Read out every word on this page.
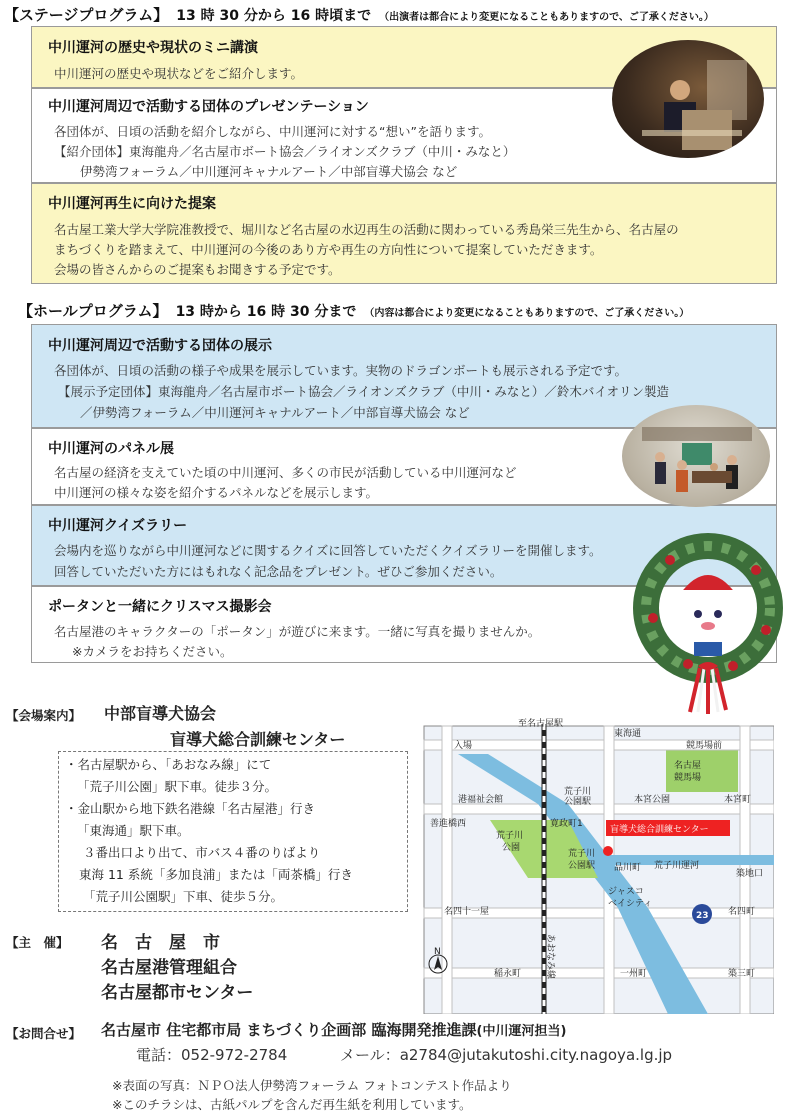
【ステージプログラム】 13 時 30 分から 16 時頃まで （出演者は都合により変更になることもありますので、ご了承ください。）
中川運河の歴史や現状のミニ講演
中川運河の歴史や現状などをご紹介します。
中川運河周辺で活動する団体のプレゼンテーション
各団体が、日頃の活動を紹介しながら、中川運河に対する“想い”を語ります。
【紹介団体】東海龍舟／名古屋市ボート協会／ライオンズクラブ（中川・みなと）
伊勢湾フォーラム／中川運河キャナルアート／中部盲導犬協会 など
中川運河再生に向けた提案
名古屋工業大学大学院准教授で、堀川など名古屋の水辺再生の活動に関わっている秀島栄三先生から、名古屋の
まちづくりを踏まえて、中川運河の今後のあり方や再生の方向性について提案していただきます。
会場の皆さんからのご提案もお聞きする予定です。
【ホールプログラム】 13 時から 16 時 30 分まで （内容は都合により変更になることもありますので、ご了承ください。）
中川運河周辺で活動する団体の展示
各団体が、日頃の活動の様子や成果を展示しています。実物のドラゴンボートも展示される予定です。
【展示予定団体】東海龍舟／名古屋市ボート協会／ライオンズクラブ（中川・みなと）／鈴木バイオリン製造
／伊勢湾フォーラム／中川運河キャナルアート／中部盲導犬協会 など
中川運河のパネル展
名古屋の経済を支えていた頃の中川運河、多くの市民が活動している中川運河など
中川運河の様々な姿を紹介するパネルなどを展示します。
中川運河クイズラリー
会場内を巡りながら中川運河などに関するクイズに回答していただくクイズラリーを開催します。
回答していただいた方にはもれなく記念品をプレゼント。ぜひご参加ください。
ポータンと一緒にクリスマス撮影会
名古屋港のキャラクターの「ポータン」が遊びに来ます。一緒に写真を撮りませんか。
※カメラをお持ちください。
【会場案内】 中部盲導犬協会
盲導犬総合訓練センター
・名古屋駅から、「あおなみ線」にて
「荒子川公園」駅下車。徒歩３分。
・金山駅から地下鉄名港線「名古屋港」行き
「東海通」駅下車。
３番出口より出て、市バス４番のりばより
東海 11 系統「多加良浦」または「両茶橋」行き
「荒子川公園駅」下車、徒歩５分。
【主　催】 名　古　屋　市
名古屋港管理組合
名古屋都市センター
【お問合せ】 名古屋市 住宅都市局 まちづくり企画部 臨海開発推進課(中川運河担当)
電話：052-972-2784	メール：a2784@jutakutoshi.city.nagoya.lg.jp
※表面の写真：ＮＰＯ法人伊勢湾フォーラム フォトコンテスト作品より
※このチラシは、古紙パルプを含んだ再生紙を利用しています。
至名古屋駅
東海通
入場	競馬場前
名古屋
競馬場
荒子川
公園駅
港福祉会館	本宮公園	本宮町
善進橋西	寛政町1
盲導犬総合訓練センター
荒子川
公園
荒子川
公園駅 品川町 荒子川運河
築地口
ジャスコ
ベイシティ
名四十一屋	23 名四町
あおなみ線
N
稲永町	一州町	築三町
